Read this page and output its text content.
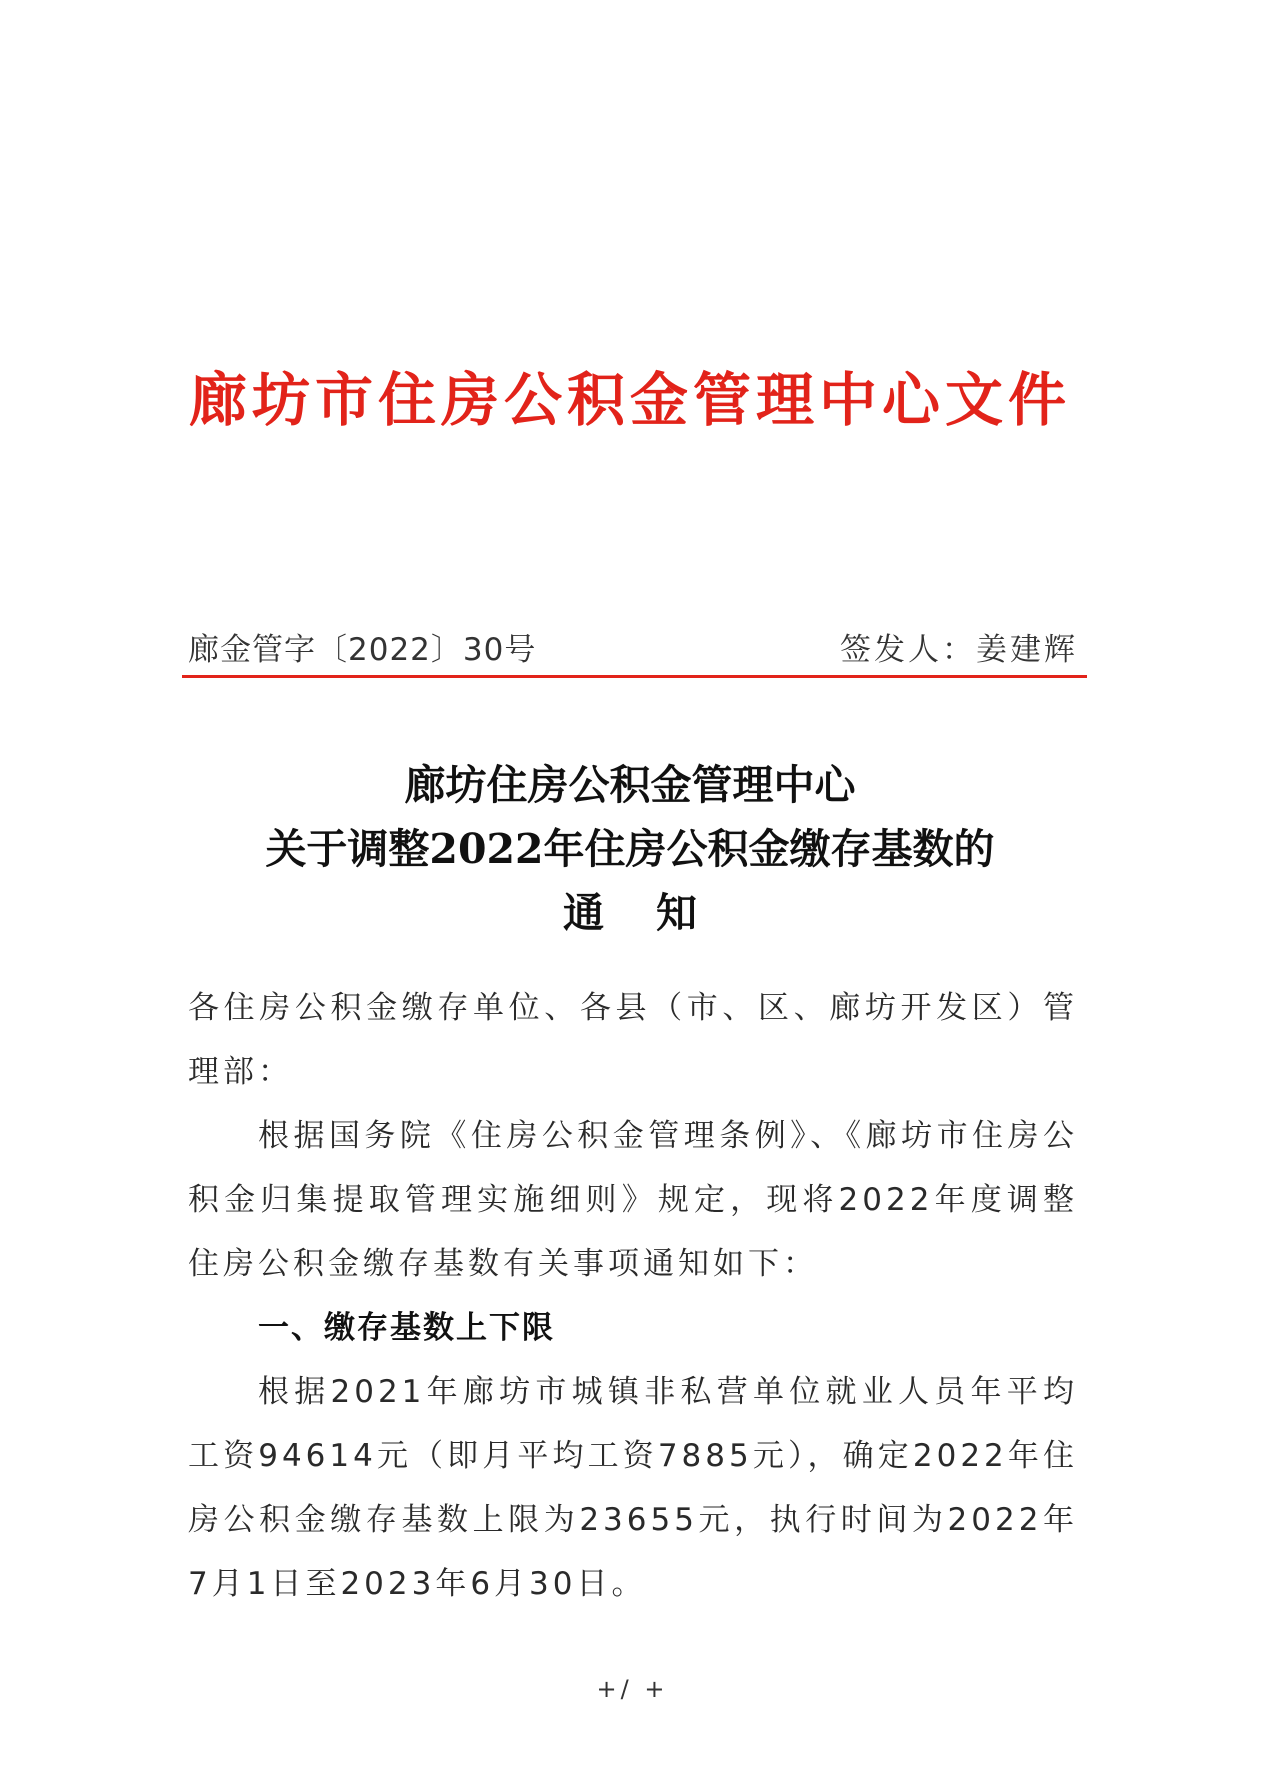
廊坊市住房公积金管理中心文件
廊金管字〔2022〕30号	签发人：姜建辉
廊坊住房公积金管理中心
关于调整2022年住房公积金缴存基数的
通知

各住房公积金缴存单位、各县（市、区、廊坊开发区）管理部：

根据国务院《住房公积金管理条例》、《廊坊市住房公积金归集提取管理实施细则》规定，现将2022年度调整住房公积金缴存基数有关事项通知如下：

一、缴存基数上下限

根据2021年廊坊市城镇非私营单位就业人员年平均工资94614元（即月平均工资7885元），确定2022年住房公积金缴存基数上限为23655元，执行时间为2022年7月1日至2023年6月30日。

+/ +
